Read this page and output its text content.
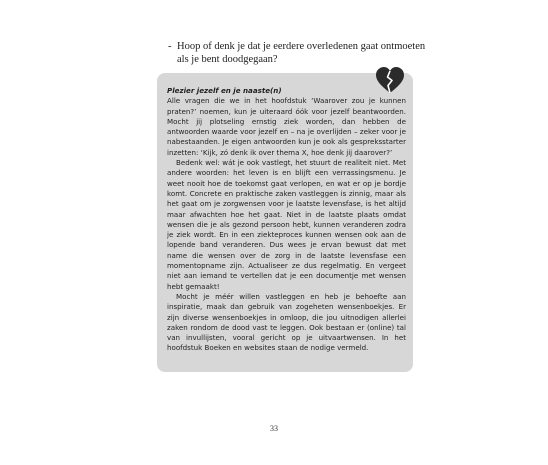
- Hoop of denk je dat je eerdere overledenen gaat ontmoeten als je bent doodgegaan?

Plezier jezelf en je naaste(n)

Alle vragen die we in het hoofdstuk ‘Waarover zou je kunnen praten?’ noemen, kun je uiteraard óók voor jezelf beantwoorden. Mocht jij plotseling ernstig ziek worden, dan hebben de antwoorden waarde voor jezelf en – na je overlijden – zeker voor je nabestaanden. Je eigen antwoorden kun je ook als gespreksstarter inzetten: ‘Kijk, zó denk ik over thema X, hoe denk jij daarover?’

Bedenk wel: wát je ook vastlegt, het stuurt de realiteit niet. Met andere woorden: het leven is en blijft een verrassingsmenu. Je weet nooit hoe de toekomst gaat verlopen, en wat er op je bordje komt. Concrete en praktische zaken vastleggen is zinnig, maar als het gaat om je zorgwensen voor je laatste levensfase, is het altijd maar afwachten hoe het gaat. Niet in de laatste plaats omdat wensen die je als gezond persoon hebt, kunnen veranderen zodra je ziek wordt. En in een ziekteproces kunnen wensen ook aan de lopende band veranderen. Dus wees je ervan bewust dat met name die wensen over de zorg in de laatste levensfase een momentopname zijn. Actualiseer ze dus regelmatig. En vergeet niet aan iemand te vertellen dat je een documentje met wensen hebt gemaakt!

Mocht je méér willen vastleggen en heb je behoefte aan inspiratie, maak dan gebruik van zogeheten wensenboekjes. Er zijn diverse wensenboekjes in omloop, die jou uitnodigen allerlei zaken rondom de dood vast te leggen. Ook bestaan er (online) tal van invullijsten, vooral gericht op je uitvaartwensen. In het hoofdstuk Boeken en websites staan de nodige vermeld.

33
